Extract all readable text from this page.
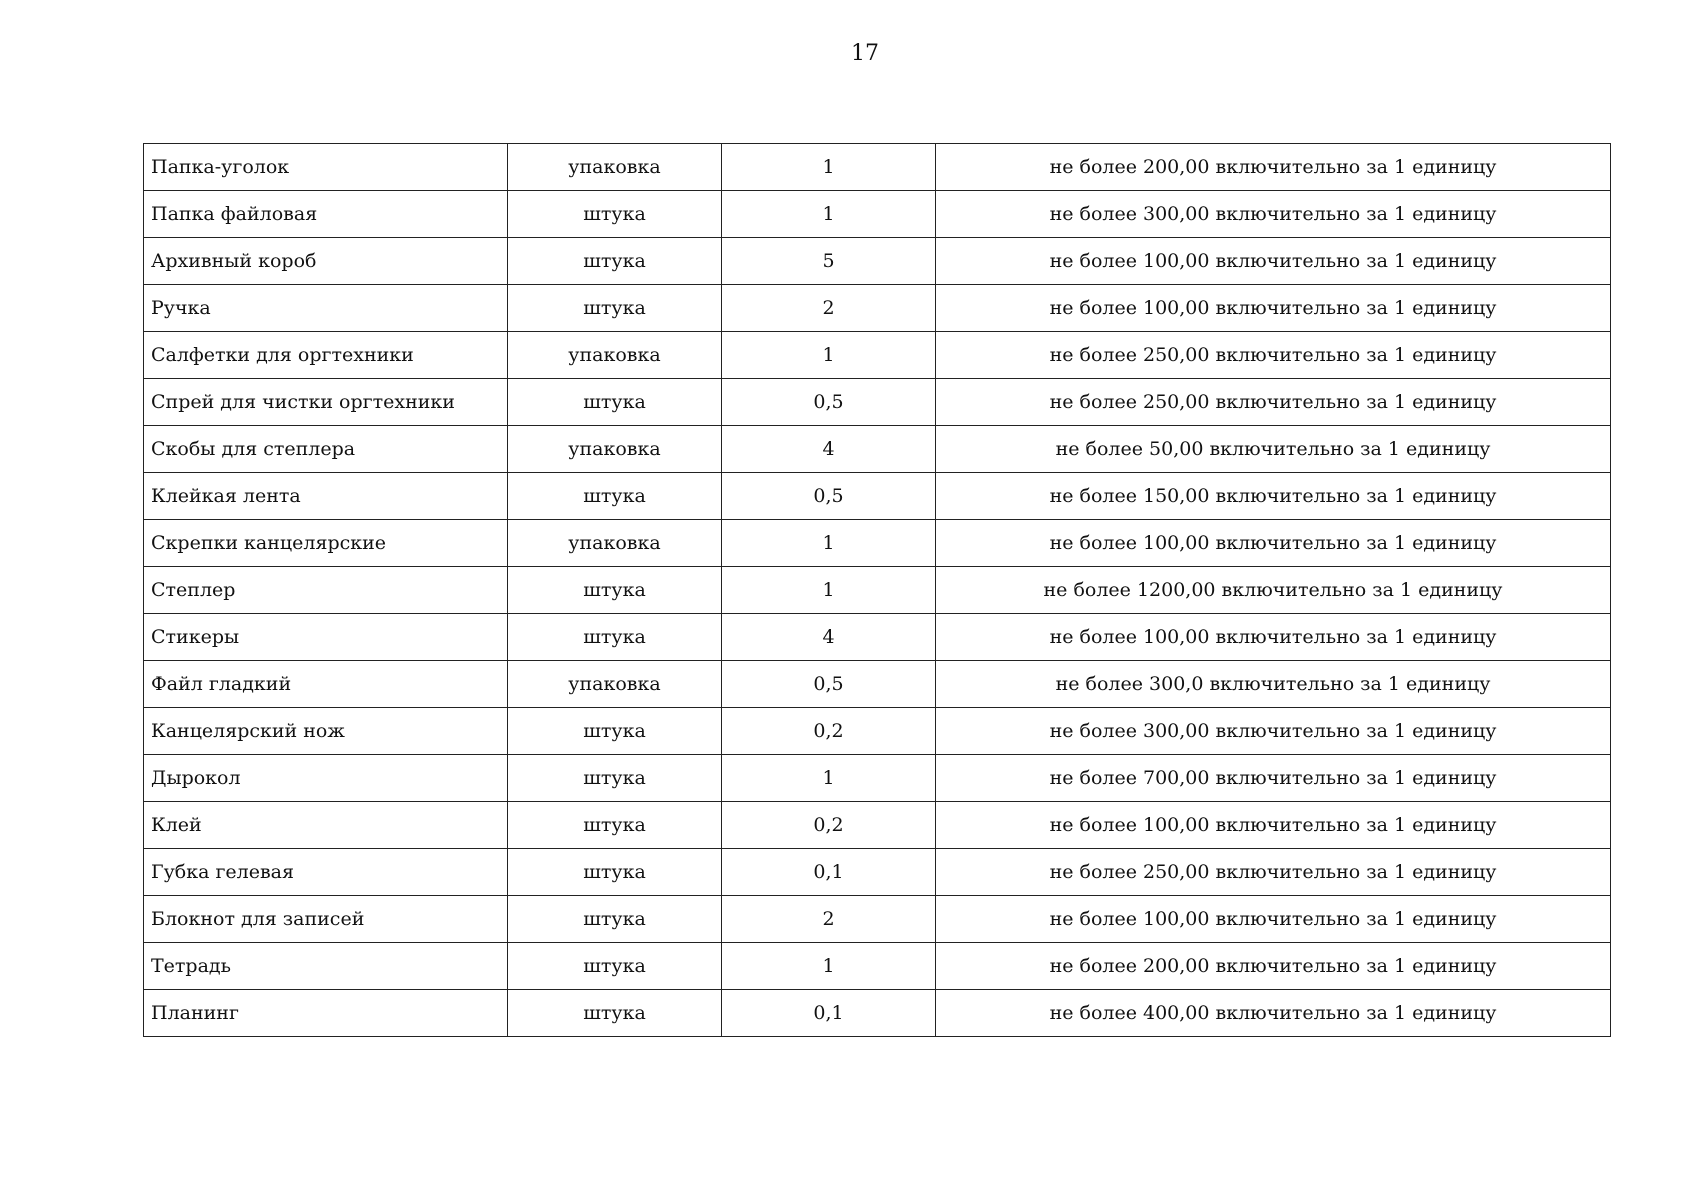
17
Папка-уголок	упаковка	1	не более 200,00 включительно за 1 единицу
Папка файловая	штука	1	не более 300,00 включительно за 1 единицу
Архивный короб	штука	5	не более 100,00 включительно за 1 единицу
Ручка	штука	2	не более 100,00 включительно за 1 единицу
Салфетки для оргтехники	упаковка	1	не более 250,00 включительно за 1 единицу
Спрей для чистки оргтехники	штука	0,5	не более 250,00 включительно за 1 единицу
Скобы для степлера	упаковка	4	не более 50,00 включительно за 1 единицу
Клейкая лента	штука	0,5	не более 150,00 включительно за 1 единицу
Скрепки канцелярские	упаковка	1	не более 100,00 включительно за 1 единицу
Степлер	штука	1	не более 1200,00 включительно за 1 единицу
Стикеры	штука	4	не более 100,00 включительно за 1 единицу
Файл гладкий	упаковка	0,5	не более 300,0 включительно за 1 единицу
Канцелярский нож	штука	0,2	не более 300,00 включительно за 1 единицу
Дырокол	штука	1	не более 700,00 включительно за 1 единицу
Клей	штука	0,2	не более 100,00 включительно за 1 единицу
Губка гелевая	штука	0,1	не более 250,00 включительно за 1 единицу
Блокнот для записей	штука	2	не более 100,00 включительно за 1 единицу
Тетрадь	штука	1	не более 200,00 включительно за 1 единицу
Планинг	штука	0,1	не более 400,00 включительно за 1 единицу
